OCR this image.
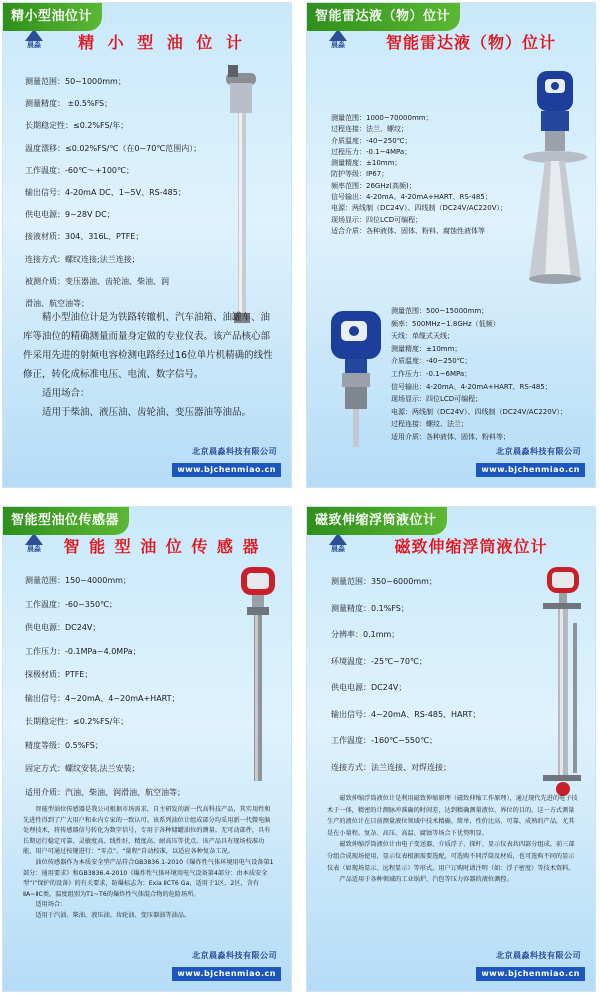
精小型油位计
晨淼	精 小 型 油 位 计
测量范围：50~1000mm；
测量精度： ±0.5%FS；
长期稳定性：≤0.2%FS/年；
温度漂移：≤0.02%FS/℃（在0~70℃范围内）；
工作温度：-60℃～+100℃；
输出信号：4-20mA DC、1~5V、RS-485；
供电电源：9~28V DC；
接液材质：304、316L、PTFE；
连接方式：螺纹连接;法兰连接；
被测介质：变压器油、齿轮油、柴油、润
滑油、航空油等；

精小型油位计是为铁路转辙机、汽车油箱、油罐车、油库等油位的精确测量而量身定做的专业仪表。该产品核心部件采用先进的射频电容检测电路经过16位单片机精确的线性修正，转化成标准电压、电流、数字信号。

适用场合：

适用于柴油、液压油、齿轮油、变压器油等油品。

北京晨淼科技有限公司
www.bjchenmiao.cn
智能雷达液（物）位计
晨淼	智能雷达液（物）位计
测量范围：1000~70000mm；
过程连接：法兰、螺纹；
介质温度：-40~250℃；
过程压力：-0.1~4MPa；
测量精度：±10mm；
防护等级：IP67；
频率范围：26GHz(高频)；
信号输出：4-20mA、4-20mA+HART、RS-485；
电源：两线制（DC24V）、四线制（DC24V/AC220V）；
现场显示：四位LCD可编程；
适合介质：各种液体、固体、粉料、腐蚀性液体等
测量范围：500~15000mm；
频率：500MHz~1.8GHz（低频）
天线：单缆式天线；
测量精度：±10mm；
介质温度：-40~250℃；
工作压力：-0.1~6MPa；
信号输出：4-20mA、4-20mA+HART、RS-485；
现场显示：四位LCD可编程；
电源：两线制（DC24V）、四线制（DC24V/AC220V）；
过程连接：螺纹、法兰；
适用介质：各种液体、固体、粉料等；
北京晨淼科技有限公司
www.bjchenmiao.cn
智能型油位传感器
晨淼	智 能 型 油 位 传 感 器
测量范围：150~4000mm；
工作温度：-60~350℃；
供电电源：DC24V；
工作压力：-0.1MPa~4.0MPa；
探极材质：PTFE；
输出信号：4~20mA、4~20mA+HART；
长期稳定性：≤0.2%FS/年；
精度等级：0.5%FS；
固定方式：螺纹安装,法兰安装；
适用介质：汽油、柴油、润滑油、航空油等；

智能型油位传感器是我公司根据市场需求，自主研发的新一代高科技产品，其实用性和先进性得到了广大用户和业内专家的一致认可。该系列油位计组成部分均采用新一代微电脑处理技术，将传感器信号转化为数字信号，专用于各种储罐油位的测量。无可动部件，具有长期运行稳定可靠、灵敏度高、线性好、精度高、耐高压等优点。该产品具有现场校准功能，用户可通过按键进行：“零点”、“量程”自动校准，以适应各种复杂工况。

油位传感器作为本质安全型产品符合GB3836.1-2010《爆炸性气体环境用电气设备第1部分：通用要求》和GB3836.4-2010《爆炸性气体环境用电气设备第4部分：由本质安全型“i”保护的设备》的有关要求，防爆标志为：Exia ⅡCT6 Ga，适用于1区、2区，含有ⅡA~ⅡC类，温度组别为T1~T6的爆炸性气体混合物的危险场所。

适用场合：

适用于汽油、柴油、液压油、齿轮油、变压器油等油品。

北京晨淼科技有限公司
www.bjchenmiao.cn
磁致伸缩浮筒液位计
晨淼	磁致伸缩浮筒液位计
测量范围：350~6000mm；
测量精度：0.1%FS；
分辨率：0.1mm；
环境温度：-25℃~70℃；
供电电源：DC24V；
输出信号：4~20mA、RS-485、HART；
工作温度：-160℃~550℃；
连接方式：法兰连接、对焊连接；

磁致伸缩浮筒液位计是利用磁致伸缩原理（磁致伸缩工作原理），通过现代先进的电子技术于一体，精密的计测脉冲准确的时间差，达到精确测量液位、界位的目的。这一方式测量生产的液位计在目前测量液位领域中技术精确、简单、性价比高、可靠、成熟的产品，尤其是在小量程、复杂、高压、高温、腐蚀等场合下优势明显。

磁致伸缩浮筒液位计由电子变送器、介质浮子、探杆、显示仪表共四部分组成。前三部分组合成现场使用，显示仪表根据需要选配，可选购不同浮筒及材质，也可选购不同的显示仪表（如现场显示、远程显示）等形式。用户订购时请注明（如：浮子密度）等技术资料。

产品适用于各种领域的工业锅炉、汽包等压力容器的液位测控。

北京晨淼科技有限公司
www.bjchenmiao.cn
